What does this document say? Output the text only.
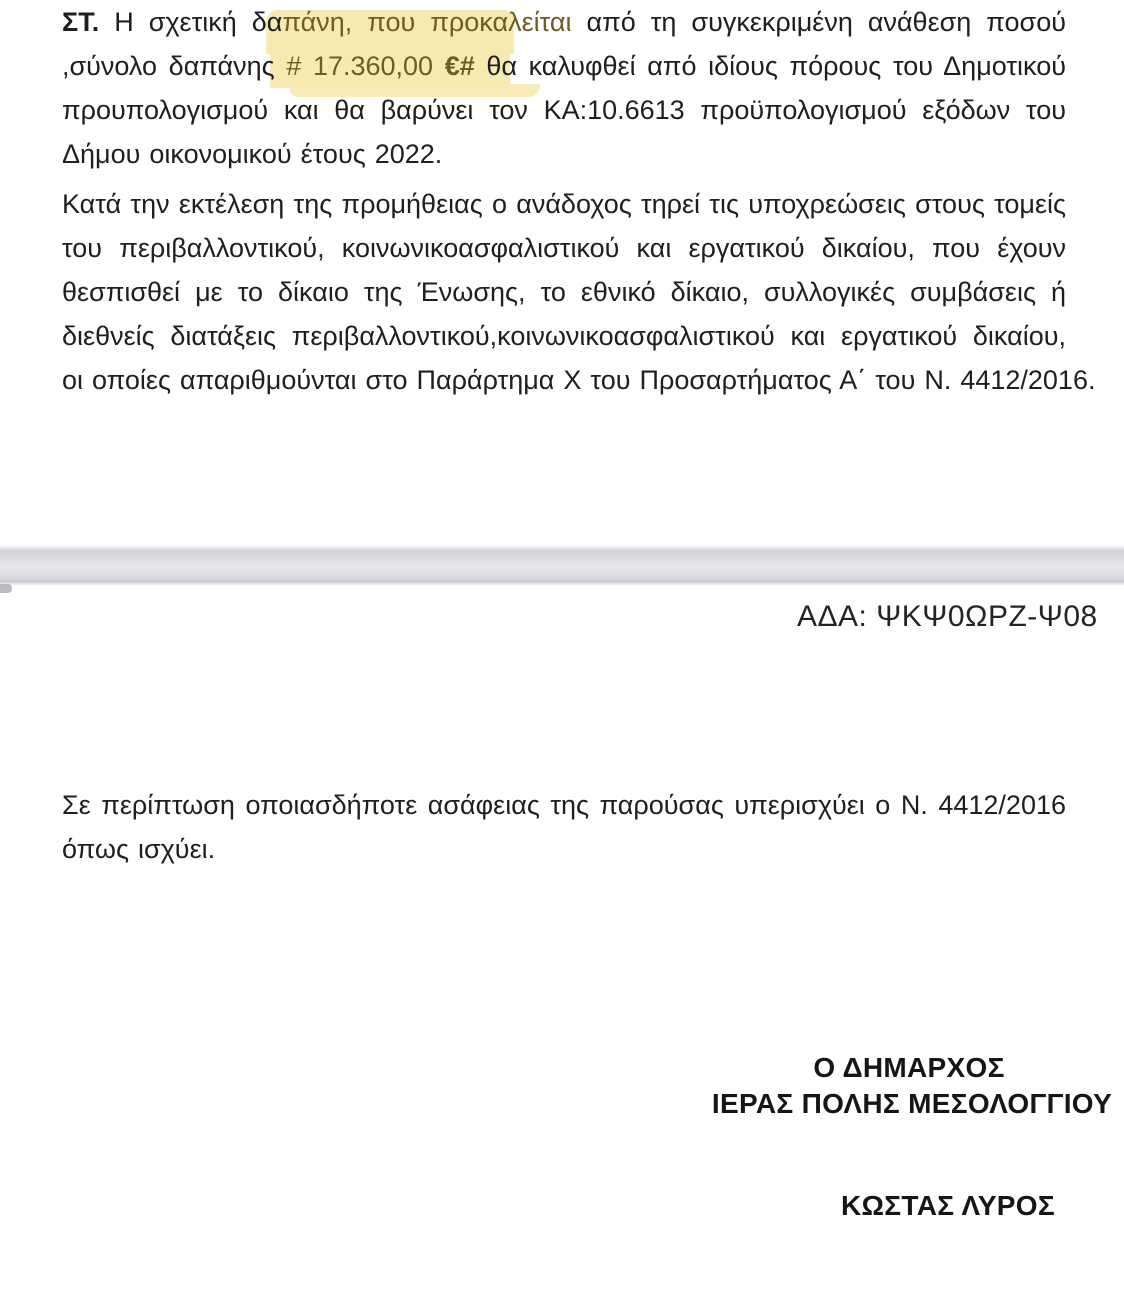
ΣΤ. Η σχετική δαπάνη, που προκαλείται από τη συγκεκριμένη ανάθεση ποσού
,σύνολο δαπάνης # 17.360,00 €# θα καλυφθεί από ιδίους πόρους του Δημοτικού
προυπολογισμού και θα βαρύνει τον ΚΑ:10.6613 προϋπολογισμού εξόδων του
Δήμου οικονομικού έτους 2022.
Κατά την εκτέλεση της προμήθειας ο ανάδοχος τηρεί τις υποχρεώσεις στους τομείς
του περιβαλλοντικού, κοινωνικοασφαλιστικού και εργατικού δικαίου, που έχουν
θεσπισθεί με το δίκαιο της Ένωσης, το εθνικό δίκαιο, συλλογικές συμβάσεις ή
διεθνείς διατάξεις περιβαλλοντικού,κοινωνικοασφαλιστικού και εργατικού δικαίου,
οι οποίες απαριθμούνται στο Παράρτημα Χ του Προσαρτήματος Α΄ του Ν. 4412/2016.
ΑΔΑ: ΨΚΨ0ΩΡΖ-Ψ08
Σε περίπτωση οποιασδήποτε ασάφειας της παρούσας υπερισχύει ο Ν. 4412/2016
όπως ισχύει.
Ο ΔΗΜΑΡΧΟΣ
ΙΕΡΑΣ ΠΟΛΗΣ ΜΕΣΟΛΟΓΓΙΟΥ
ΚΩΣΤΑΣ ΛΥΡΟΣ
